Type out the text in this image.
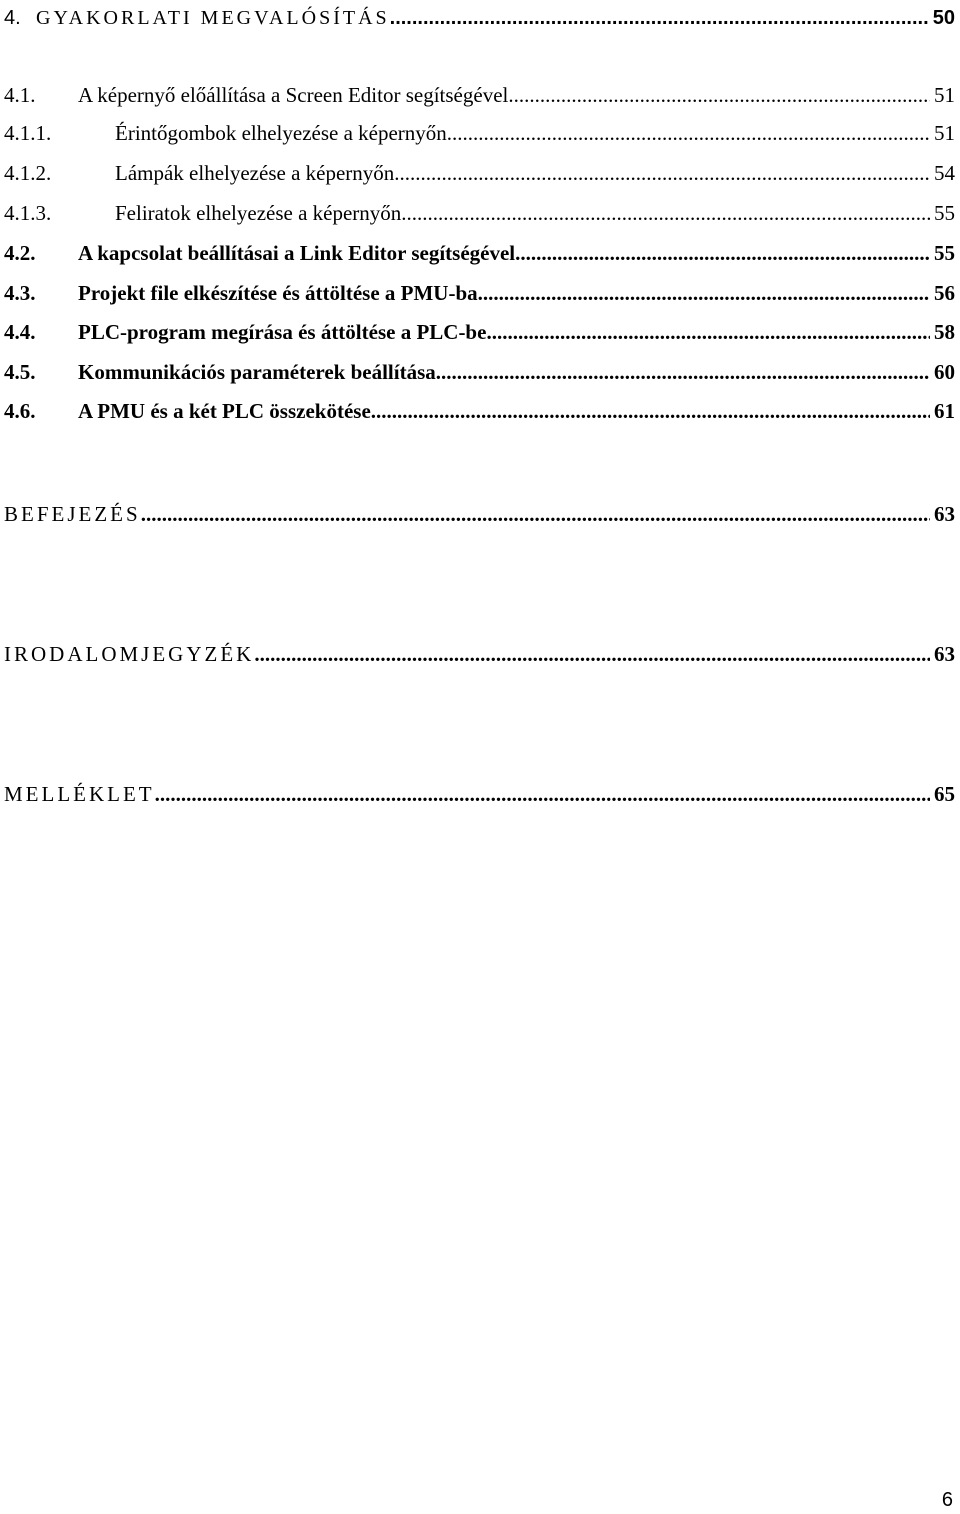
4. GYAKORLATI MEGVALÓSÍTÁS .....	50
4.1.	A képernyő előállítása a Screen Editor segítségével .....	51
4.1.1.	Érintőgombok elhelyezése a képernyőn .....	51
4.1.2.	Lámpák elhelyezése a képernyőn .....	54
4.1.3.	Feliratok elhelyezése a képernyőn .....	55
4.2.	A kapcsolat beállításai a Link Editor segítségével .....	55
4.3.	Projekt file elkészítése és áttöltése a PMU-ba .....	56
4.4.	PLC-program megírása és áttöltése a PLC-be .....	58
4.5.	Kommunikációs paraméterek beállítása .....	60
4.6.	A PMU és a két PLC összekötése .....	61
BEFEJEZÉS .....	63
IRODALOMJEGYZÉK .....	63
MELLÉKLET .....	65
6
